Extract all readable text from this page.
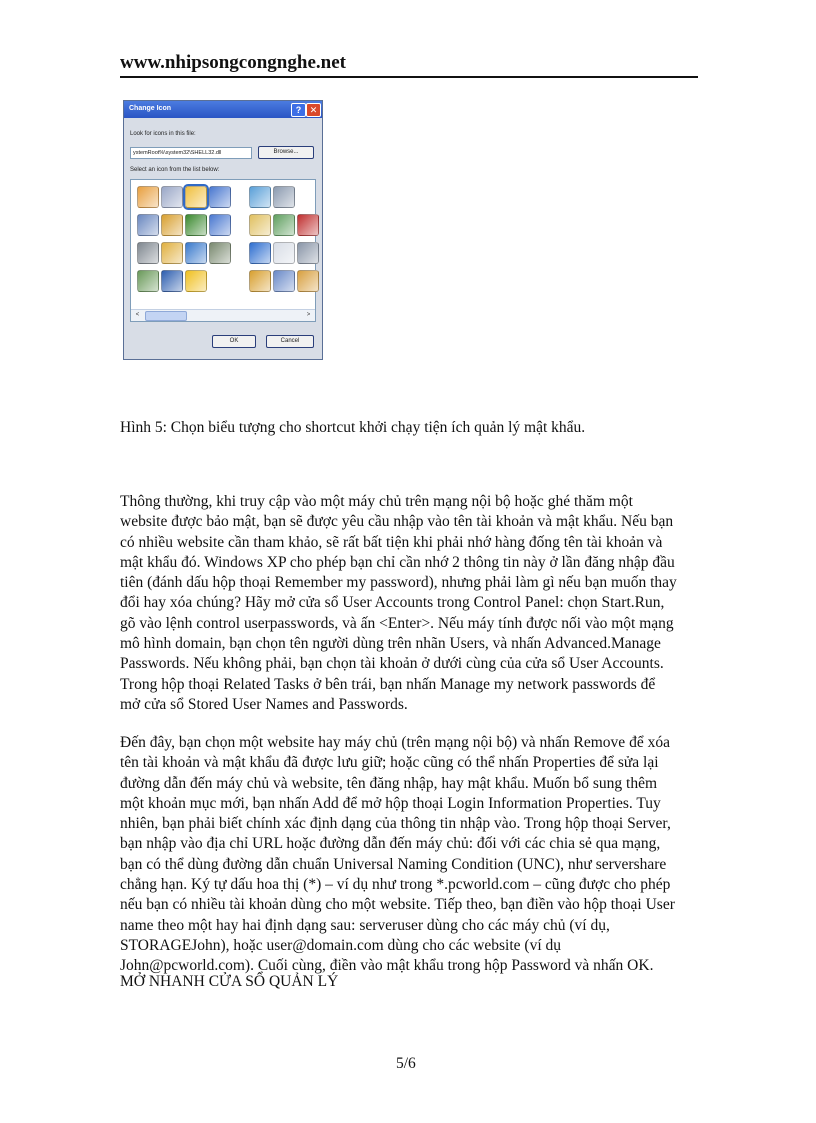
www.nhipsongcongnghe.net
Change Icon	? ✕
Look for icons in this file:
ystemRoot%\system32\SHELL32.dll	Browse...
Select an icon from the list below:
<	>
OK	Cancel
Hình 5: Chọn biểu tượng cho shortcut khởi chạy tiện ích quản lý mật khẩu.
Thông thường, khi truy cập vào một máy chủ trên mạng nội bộ hoặc ghé thăm một
website được bảo mật, bạn sẽ được yêu cầu nhập vào tên tài khoản và mật khẩu. Nếu bạn
có nhiều website cần tham khảo, sẽ rất bất tiện khi phải nhớ hàng đống tên tài khoản và
mật khẩu đó. Windows XP cho phép bạn chỉ cần nhớ 2 thông tin này ở lần đăng nhập đầu
tiên (đánh dấu hộp thoại Remember my password), nhưng phải làm gì nếu bạn muốn thay
đổi hay xóa chúng? Hãy mở cửa sổ User Accounts trong Control Panel: chọn Start.Run,
gõ vào lệnh control userpasswords, và ấn <Enter>. Nếu máy tính được nối vào một mạng
mô hình domain, bạn chọn tên người dùng trên nhãn Users, và nhấn Advanced.Manage
Passwords. Nếu không phải, bạn chọn tài khoản ở dưới cùng của cửa sổ User Accounts.
Trong hộp thoại Related Tasks ở bên trái, bạn nhấn Manage my network passwords để
mở cửa sổ Stored User Names and Passwords.
Đến đây, bạn chọn một website hay máy chủ (trên mạng nội bộ) và nhấn Remove để xóa
tên tài khoản và mật khẩu đã được lưu giữ; hoặc cũng có thể nhấn Properties để sửa lại
đường dẫn đến máy chủ và website, tên đăng nhập, hay mật khẩu. Muốn bổ sung thêm
một khoản mục mới, bạn nhấn Add để mở hộp thoại Login Information Properties. Tuy
nhiên, bạn phải biết chính xác định dạng của thông tin nhập vào. Trong hộp thoại Server,
bạn nhập vào địa chỉ URL hoặc đường dẫn đến máy chủ: đối với các chia sẻ qua mạng,
bạn có thể dùng đường dẫn chuẩn Universal Naming Condition (UNC), như servershare
chẳng hạn. Ký tự dấu hoa thị (*) – ví dụ như trong *.pcworld.com – cũng được cho phép
nếu bạn có nhiều tài khoản dùng cho một website. Tiếp theo, bạn điền vào hộp thoại User
name theo một hay hai định dạng sau: serveruser dùng cho các máy chủ (ví dụ,
STORAGEJohn), hoặc user@domain.com dùng cho các website (ví dụ
John@pcworld.com). Cuối cùng, điền vào mật khẩu trong hộp Password và nhấn OK.
MỞ NHANH CỬA SỔ QUẢN LÝ
5/6
